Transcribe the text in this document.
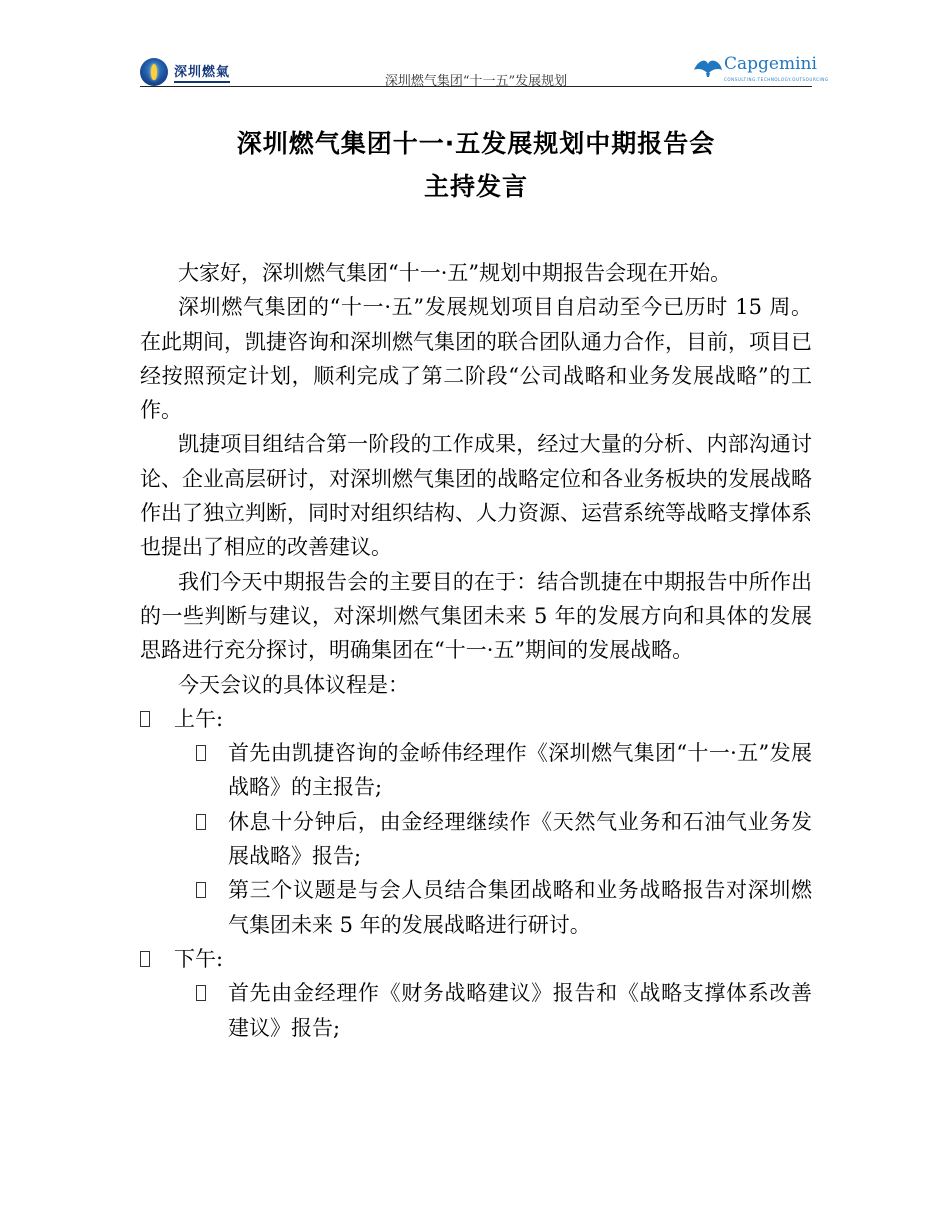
深圳燃氣
深圳燃气集团“十一五”发展规划
Capgemini
CONSULTING.TECHNOLOGY.OUTSOURCING
深圳燃气集团十一·五发展规划中期报告会
主持发言

大家好，深圳燃气集团“十一·五”规划中期报告会现在开始。

深圳燃气集团的“十一·五”发展规划项目自启动至今已历时 15 周。在此期间，凯捷咨询和深圳燃气集团的联合团队通力合作，目前，项目已经按照预定计划，顺利完成了第二阶段“公司战略和业务发展战略”的工作。

凯捷项目组结合第一阶段的工作成果，经过大量的分析、内部沟通讨论、企业高层研讨，对深圳燃气集团的战略定位和各业务板块的发展战略作出了独立判断，同时对组织结构、人力资源、运营系统等战略支撑体系也提出了相应的改善建议。

我们今天中期报告会的主要目的在于：结合凯捷在中期报告中所作出的一些判断与建议，对深圳燃气集团未来 5 年的发展方向和具体的发展思路进行充分探讨，明确集团在“十一·五”期间的发展战略。

今天会议的具体议程是：

上午:

首先由凯捷咨询的金峤伟经理作《深圳燃气集团“十一·五”发展战略》的主报告;

休息十分钟后，由金经理继续作《天然气业务和石油气业务发展战略》报告;

第三个议题是与会人员结合集团战略和业务战略报告对深圳燃气集团未来 5 年的发展战略进行研讨。

下午:

首先由金经理作《财务战略建议》报告和《战略支撑体系改善建议》报告;
